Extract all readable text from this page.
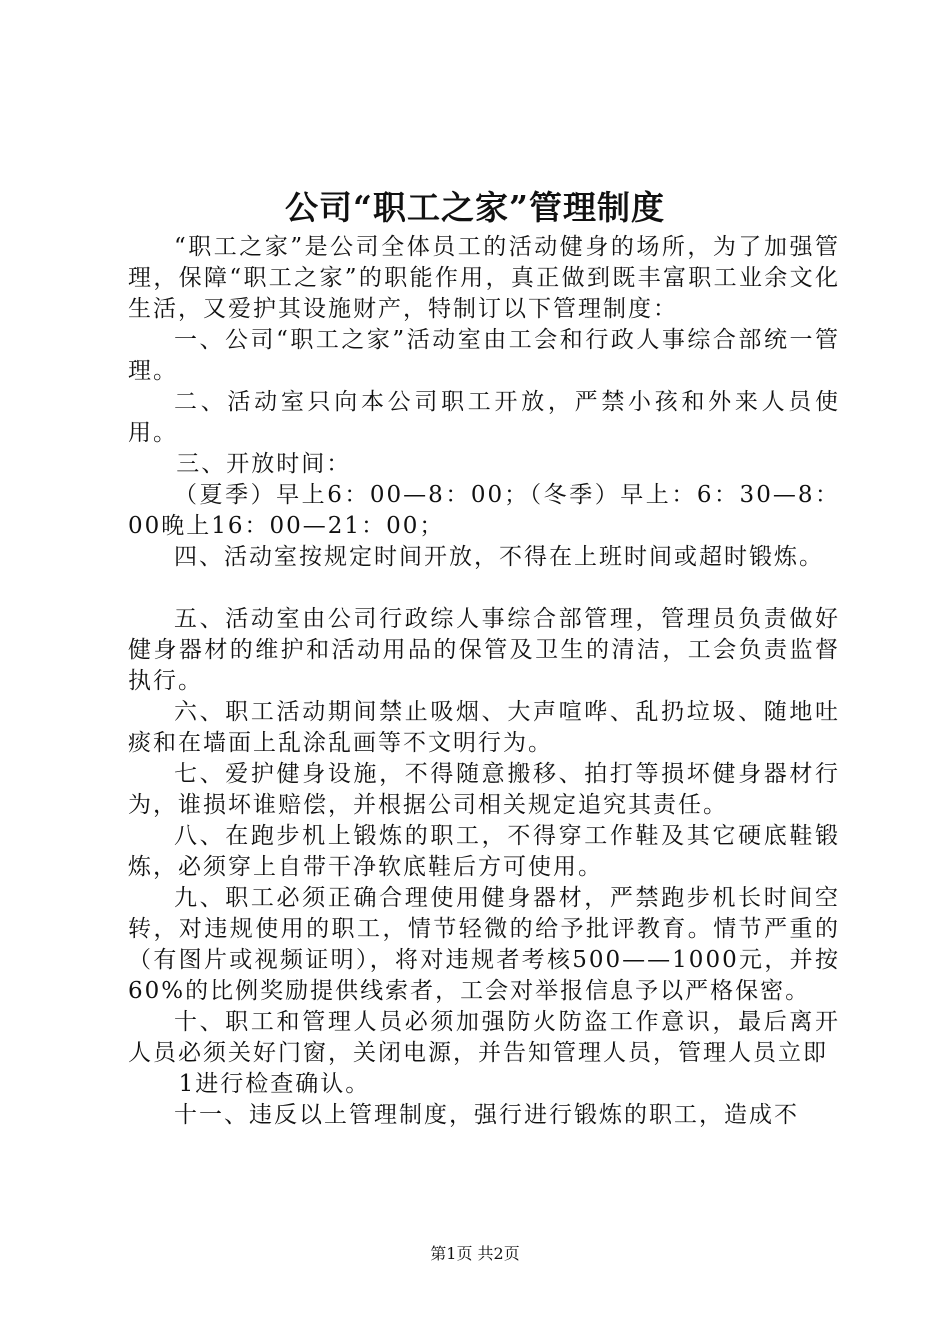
公司“职工之家”管理制度

“职工之家”是公司全体员工的活动健身的场所，为了加强管理，保障“职工之家”的职能作用，真正做到既丰富职工业余文化生活，又爱护其设施财产，特制订以下管理制度：

一、公司“职工之家”活动室由工会和行政人事综合部统一管理。

二、活动室只向本公司职工开放，严禁小孩和外来人员使用。

三、开放时间：

（夏季）早上6：00—8：00；（冬季）早上：6：30—8：00晚上16：00—21：00；

四、活动室按规定时间开放，不得在上班时间或超时锻炼。

五、活动室由公司行政综人事综合部管理，管理员负责做好健身器材的维护和活动用品的保管及卫生的清洁，工会负责监督执行。

六、职工活动期间禁止吸烟、大声喧哗、乱扔垃圾、随地吐痰和在墙面上乱涂乱画等不文明行为。

七、爱护健身设施，不得随意搬移、拍打等损坏健身器材行为，谁损坏谁赔偿，并根据公司相关规定追究其责任。

八、在跑步机上锻炼的职工，不得穿工作鞋及其它硬底鞋锻炼，必须穿上自带干净软底鞋后方可使用。

九、职工必须正确合理使用健身器材，严禁跑步机长时间空转，对违规使用的职工，情节轻微的给予批评教育。情节严重的（有图片或视频证明），将对违规者考核500——1000元，并按60%的比例奖励提供线索者，工会对举报信息予以严格保密。

十、职工和管理人员必须加强防火防盗工作意识，最后离开人员必须关好门窗，关闭电源，并告知管理人员，管理人员立即

1进行检查确认。

十一、违反以上管理制度，强行进行锻炼的职工，造成不

第1页 共2页
